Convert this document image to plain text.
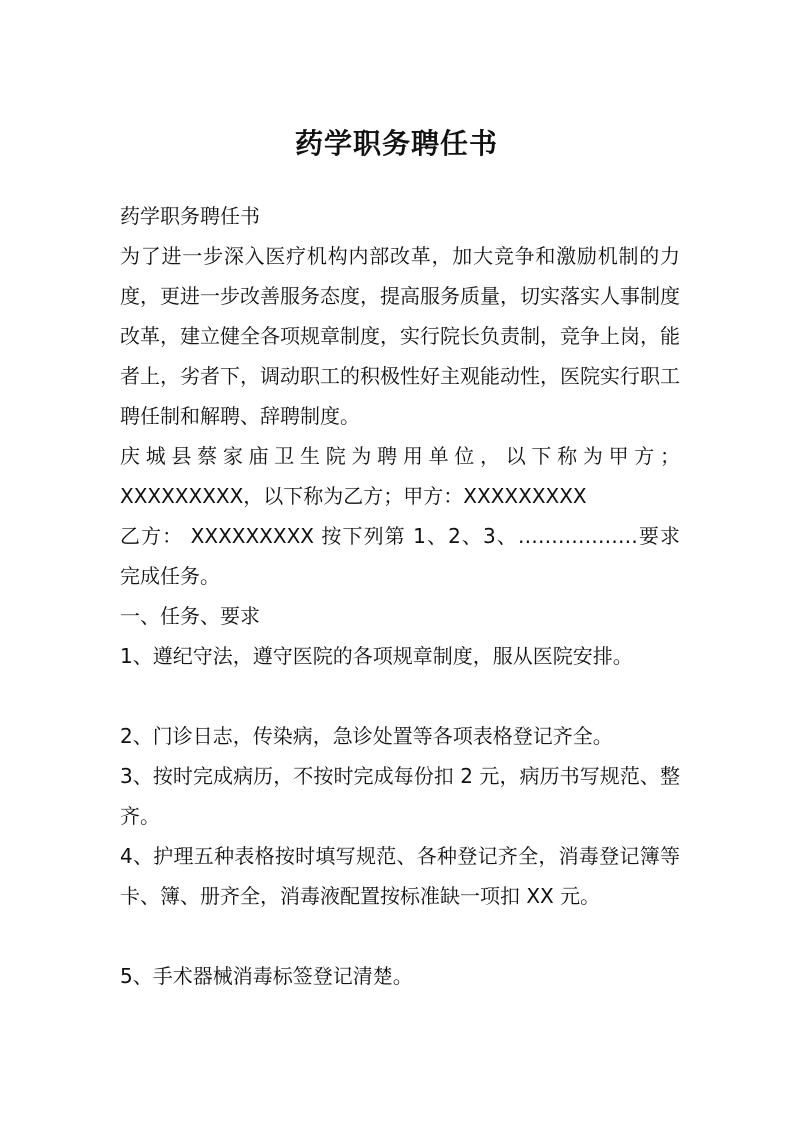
药学职务聘任书

药学职务聘任书

为了进一步深入医疗机构内部改革，加大竞争和激励机制的力度，更进一步改善服务态度，提高服务质量，切实落实人事制度改革，建立健全各项规章制度，实行院长负责制，竞争上岗，能者上，劣者下，调动职工的积极性好主观能动性，医院实行职工聘任制和解聘、辞聘制度。

庆城县蔡家庙卫生院为聘用单位，以下称为甲方；XXXXXXXXX，以下称为乙方；甲方：XXXXXXXXX

乙方： XXXXXXXXX 按下列第 1、2、3、………………要求完成任务。

一、任务、要求

1、遵纪守法，遵守医院的各项规章制度，服从医院安排。

2、门诊日志，传染病，急诊处置等各项表格登记齐全。

3、按时完成病历，不按时完成每份扣 2 元，病历书写规范、整齐。

4、护理五种表格按时填写规范、各种登记齐全，消毒登记簿等卡、簿、册齐全，消毒液配置按标准缺一项扣 XX 元。

5、手术器械消毒标签登记清楚。
